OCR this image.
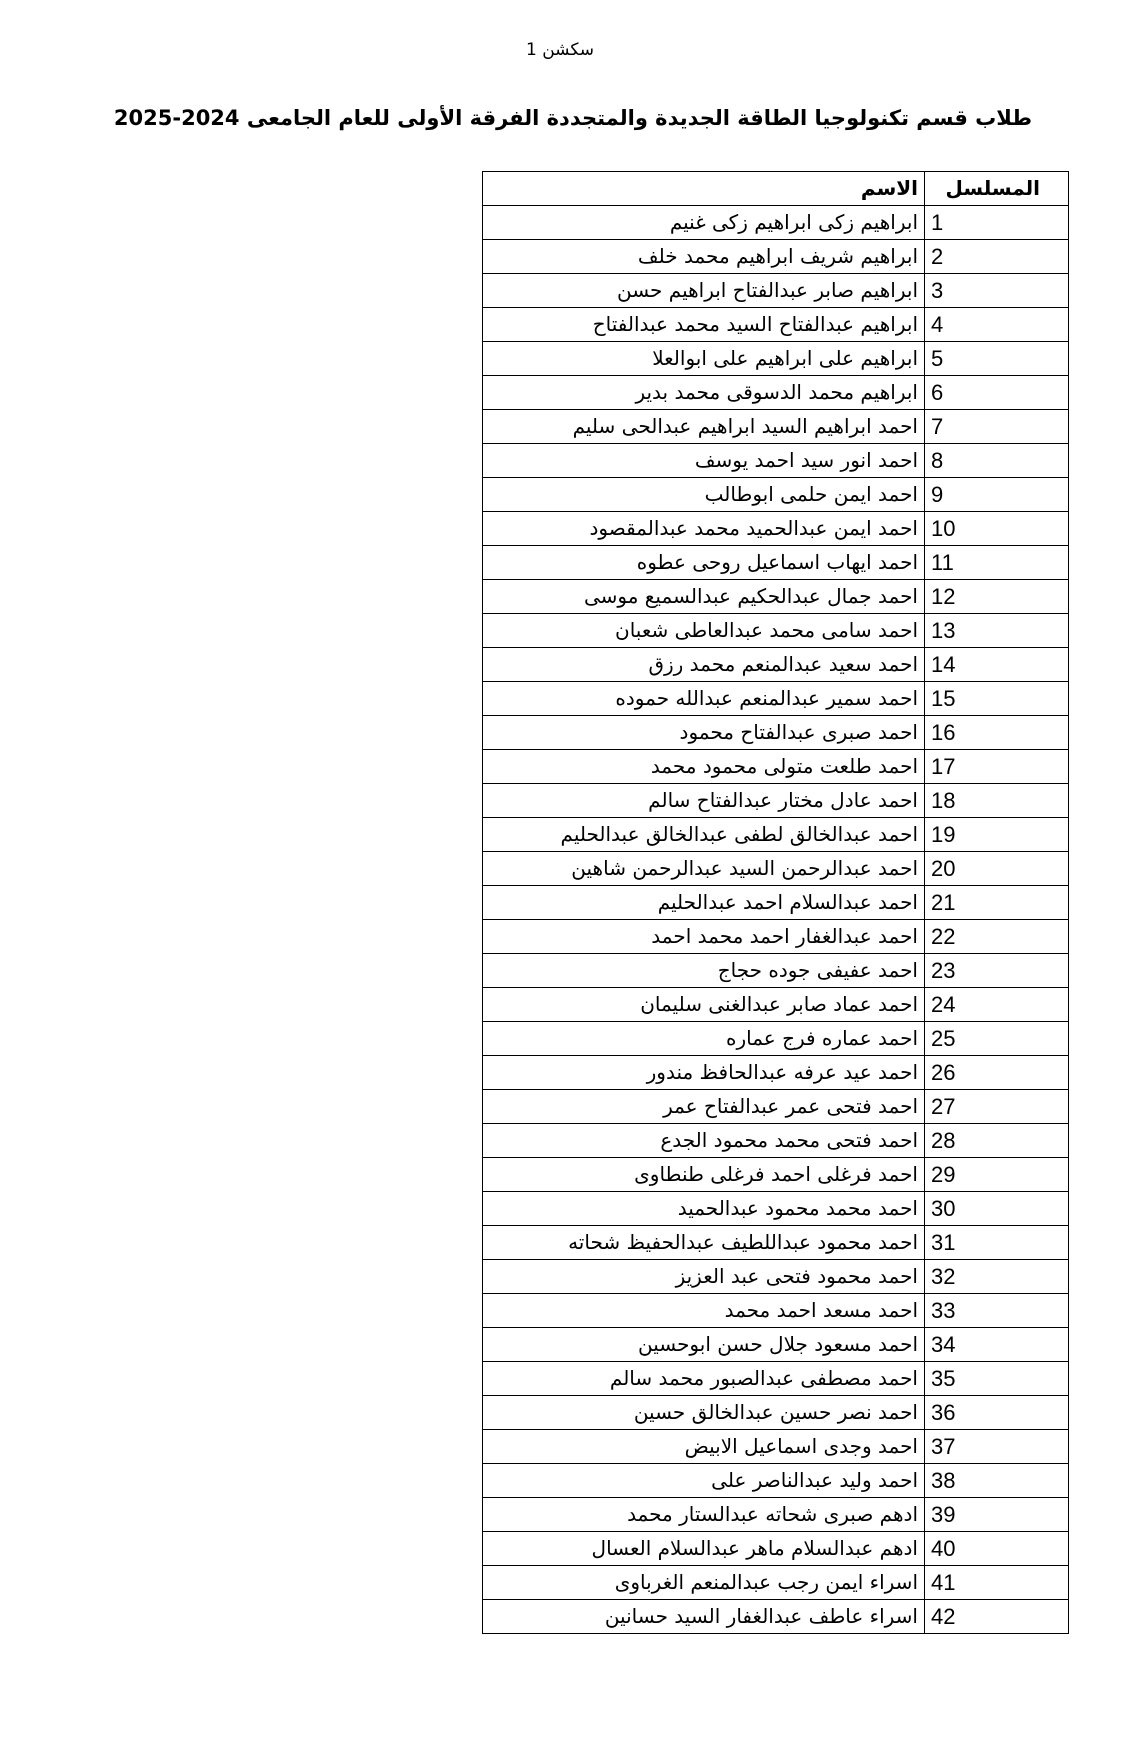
سكشن 1
طلاب قسم تكنولوجيا الطاقة الجديدة والمتجددة الفرقة الأولى للعام الجامعى 2024-2025
الاسم	المسلسل
ابراهيم زكى ابراهيم زكى غنيم	1
ابراهيم شريف ابراهيم محمد خلف	2
ابراهيم صابر عبدالفتاح ابراهيم حسن	3
ابراهيم عبدالفتاح السيد محمد عبدالفتاح	4
ابراهيم على ابراهيم على ابوالعلا	5
ابراهيم محمد الدسوقى محمد بدير	6
احمد ابراهيم السيد ابراهيم عبدالحى سليم	7
احمد انور سيد احمد يوسف	8
احمد ايمن حلمى ابوطالب	9
احمد ايمن عبدالحميد محمد عبدالمقصود	10
احمد ايهاب اسماعيل روحى عطوه	11
احمد جمال عبدالحكيم عبدالسميع موسى	12
احمد سامى محمد عبدالعاطى شعبان	13
احمد سعيد عبدالمنعم محمد رزق	14
احمد سمير عبدالمنعم عبدالله حموده	15
احمد صبرى عبدالفتاح محمود	16
احمد طلعت متولى محمود محمد	17
احمد عادل مختار عبدالفتاح سالم	18
احمد عبدالخالق لطفى عبدالخالق عبدالحليم	19
احمد عبدالرحمن السيد عبدالرحمن شاهين	20
احمد عبدالسلام احمد عبدالحليم	21
احمد عبدالغفار احمد محمد احمد	22
احمد عفيفى جوده حجاج	23
احمد عماد صابر عبدالغنى سليمان	24
احمد عماره فرج عماره	25
احمد عيد عرفه عبدالحافظ مندور	26
احمد فتحى عمر عبدالفتاح عمر	27
احمد فتحى محمد محمود الجدع	28
احمد فرغلى احمد فرغلى طنطاوى	29
احمد محمد محمود عبدالحميد	30
احمد محمود عبداللطيف عبدالحفيظ شحاته	31
احمد محمود فتحى عبد العزيز	32
احمد مسعد احمد محمد	33
احمد مسعود جلال حسن ابوحسين	34
احمد مصطفى عبدالصبور محمد سالم	35
احمد نصر حسين عبدالخالق حسين	36
احمد وجدى اسماعيل الابيض	37
احمد وليد عبدالناصر على	38
ادهم صبرى شحاته عبدالستار محمد	39
ادهم عبدالسلام ماهر عبدالسلام العسال	40
اسراء ايمن رجب عبدالمنعم الغرباوى	41
اسراء عاطف عبدالغفار السيد حسانين	42
